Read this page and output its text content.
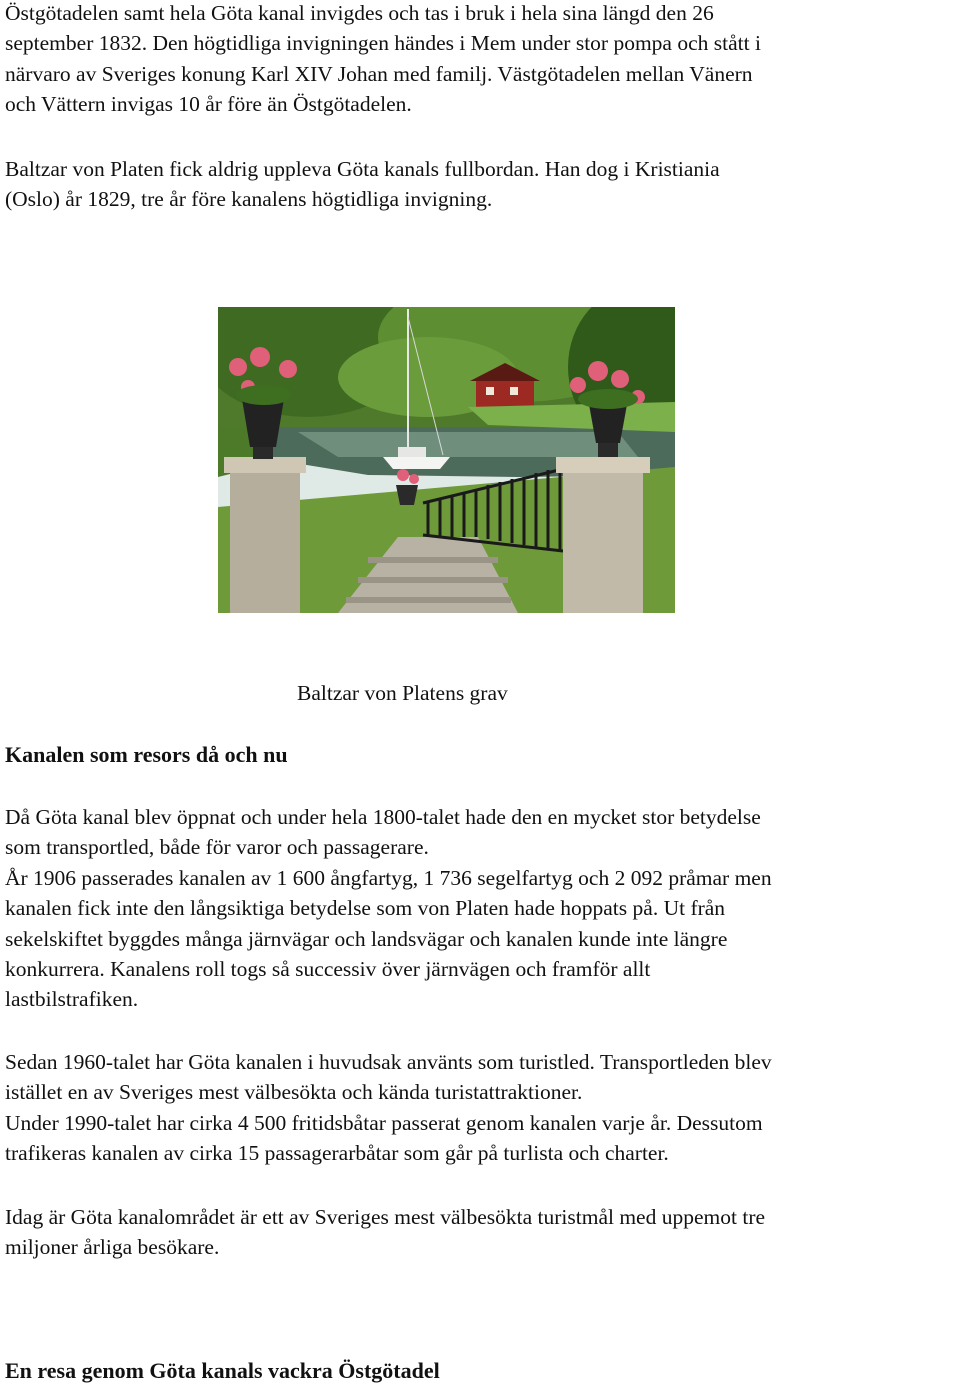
Östgötadelen samt hela Göta kanal invigdes och tas i bruk i hela sina längd den 26
september 1832. Den högtidliga invigningen händes i Mem under stor pompa och stått i
närvaro av Sveriges konung Karl XIV Johan med familj. Västgötadelen mellan Vänern
och Vättern invigas 10 år före än Östgötadelen.

Baltzar von Platen fick aldrig uppleva Göta kanals fullbordan. Han dog i Kristiania
(Oslo) år 1829, tre år före kanalens högtidliga invigning.

Baltzar von Platens grav

Kanalen som resors då och nu

Då Göta kanal blev öppnat och under hela 1800-talet hade den en mycket stor betydelse
som transportled, både för varor och passagerare.
År 1906 passerades kanalen av 1 600 ångfartyg, 1 736 segelfartyg och 2 092 pråmar men
kanalen fick inte den långsiktiga betydelse som von Platen hade hoppats på. Ut från
sekelskiftet byggdes många järnvägar och landsvägar och kanalen kunde inte längre
konkurrera. Kanalens roll togs så successiv över järnvägen och framför allt
lastbilstrafiken.

Sedan 1960-talet har Göta kanalen i huvudsak använts som turistled. Transportleden blev
istället en av Sveriges mest välbesökta och kända turistattraktioner.
Under 1990-talet har cirka 4 500 fritidsbåtar passerat genom kanalen varje år. Dessutom
trafikeras kanalen av cirka 15 passagerarbåtar som går på turlista och charter.

Idag är Göta kanalområdet är ett av Sveriges mest välbesökta turistmål med uppemot tre
miljoner årliga besökare.

En resa genom Göta kanals vackra Östgötadel
